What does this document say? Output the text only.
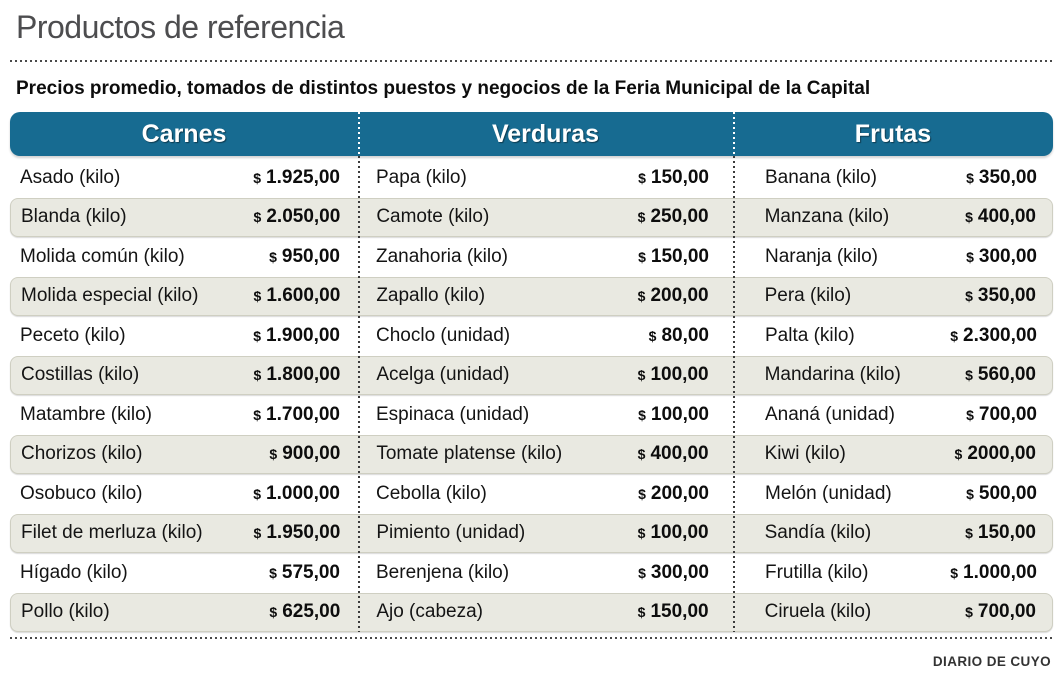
Productos de referencia
Precios promedio, tomados de distintos puestos y negocios de la Feria Municipal de la Capital
Carnes	Verduras	Frutas
Asado (kilo)	$ 1.925,00 Papa (kilo)	$ 150,00	Banana (kilo)	$ 350,00
Blanda (kilo)	$ 2.050,00 Camote (kilo)	$ 250,00	Manzana (kilo)	$ 400,00
Molida común (kilo)	$ 950,00 Zanahoria (kilo)	$ 150,00	Naranja (kilo)	$ 300,00
Molida especial (kilo)	$ 1.600,00 Zapallo (kilo)	$ 200,00	Pera (kilo)	$ 350,00
Peceto (kilo)	$ 1.900,00 Choclo (unidad)	$ 80,00	Palta (kilo)	$ 2.300,00
Costillas (kilo)	$ 1.800,00 Acelga (unidad)	$ 100,00	Mandarina (kilo)	$ 560,00
Matambre (kilo)	$ 1.700,00 Espinaca (unidad)	$ 100,00	Ananá (unidad)	$ 700,00
Chorizos (kilo)	$ 900,00 Tomate platense (kilo)	$ 400,00	Kiwi (kilo)	$ 2000,00
Osobuco (kilo)	$ 1.000,00 Cebolla (kilo)	$ 200,00	Melón (unidad)	$ 500,00
Filet de merluza (kilo)	$ 1.950,00 Pimiento (unidad)	$ 100,00	Sandía (kilo)	$ 150,00
Hígado (kilo)	$ 575,00 Berenjena (kilo)	$ 300,00	Frutilla (kilo)	$ 1.000,00
Pollo (kilo)	$ 625,00 Ajo (cabeza)	$ 150,00	Ciruela (kilo)	$ 700,00
DIARIO DE CUYO
